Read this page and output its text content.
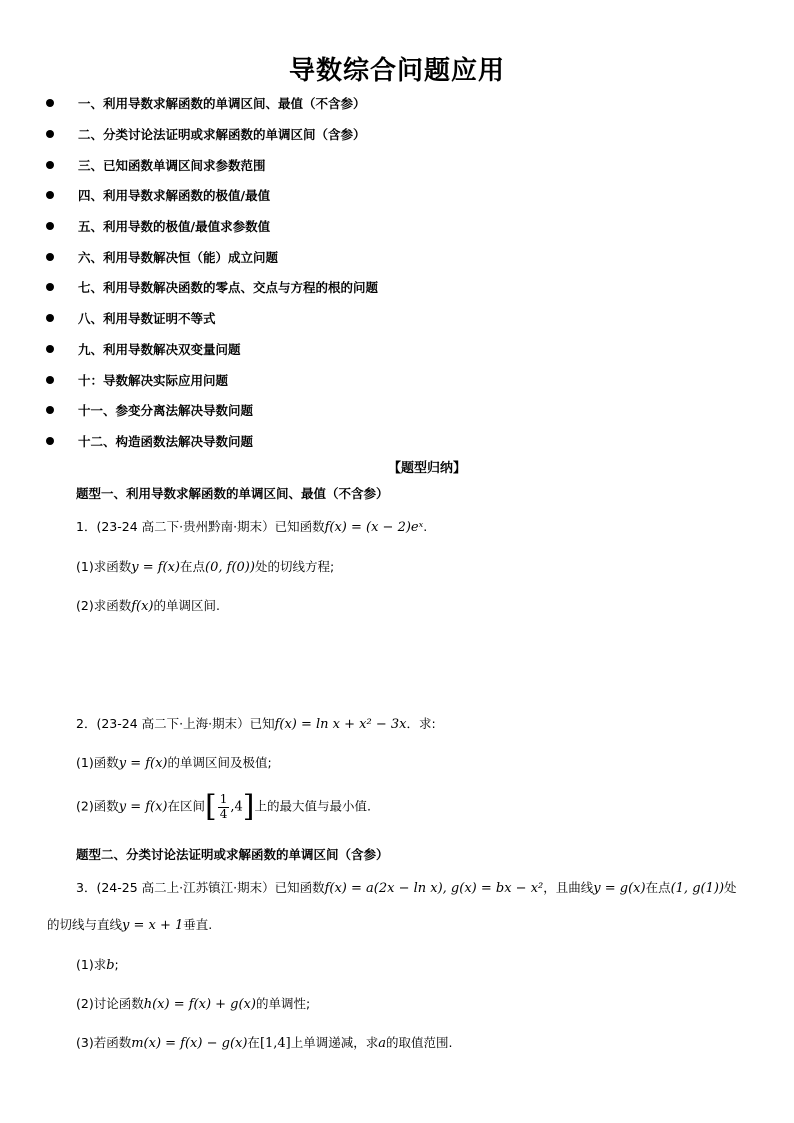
导数综合问题应用
一、利用导数求解函数的单调区间、最值（不含参）
二、分类讨论法证明或求解函数的单调区间（含参）
三、已知函数单调区间求参数范围
四、利用导数求解函数的极值/最值
五、利用导数的极值/最值求参数值
六、利用导数解决恒（能）成立问题
七、利用导数解决函数的零点、交点与方程的根的问题
八、利用导数证明不等式
九、利用导数解决双变量问题
十：导数解决实际应用问题
十一、参变分离法解决导数问题
十二、构造函数法解决导数问题
【题型归纳】
题型一、利用导数求解函数的单调区间、最值（不含参）
1．(23-24 高二下·贵州黔南·期末）已知函数f(x) = (x − 2)eˣ.
(1)求函数y = f(x)在点(0, f(0))处的切线方程;
(2)求函数f(x)的单调区间.
2．(23-24 高二下·上海·期末）已知f(x) = ln x + x² − 3x．求:
(1)函数y = f(x)的单调区间及极值;
(2)函数y = f(x)在区间[ $\frac{1}{4} ,4$]上的最大值与最小值.
题型二、分类讨论法证明或求解函数的单调区间（含参）
3．(24-25 高二上·江苏镇江·期末）已知函数f(x) = a(2x − ln x), g(x) = bx − x²，且曲线y = g(x)在点(1, g(1))处
的切线与直线y = x + 1垂直.
(1)求b;
(2)讨论函数h(x) = f(x) + g(x)的单调性;
(3)若函数m(x) = f(x) − g(x)在[1,4]上单调递减，求a的取值范围.
